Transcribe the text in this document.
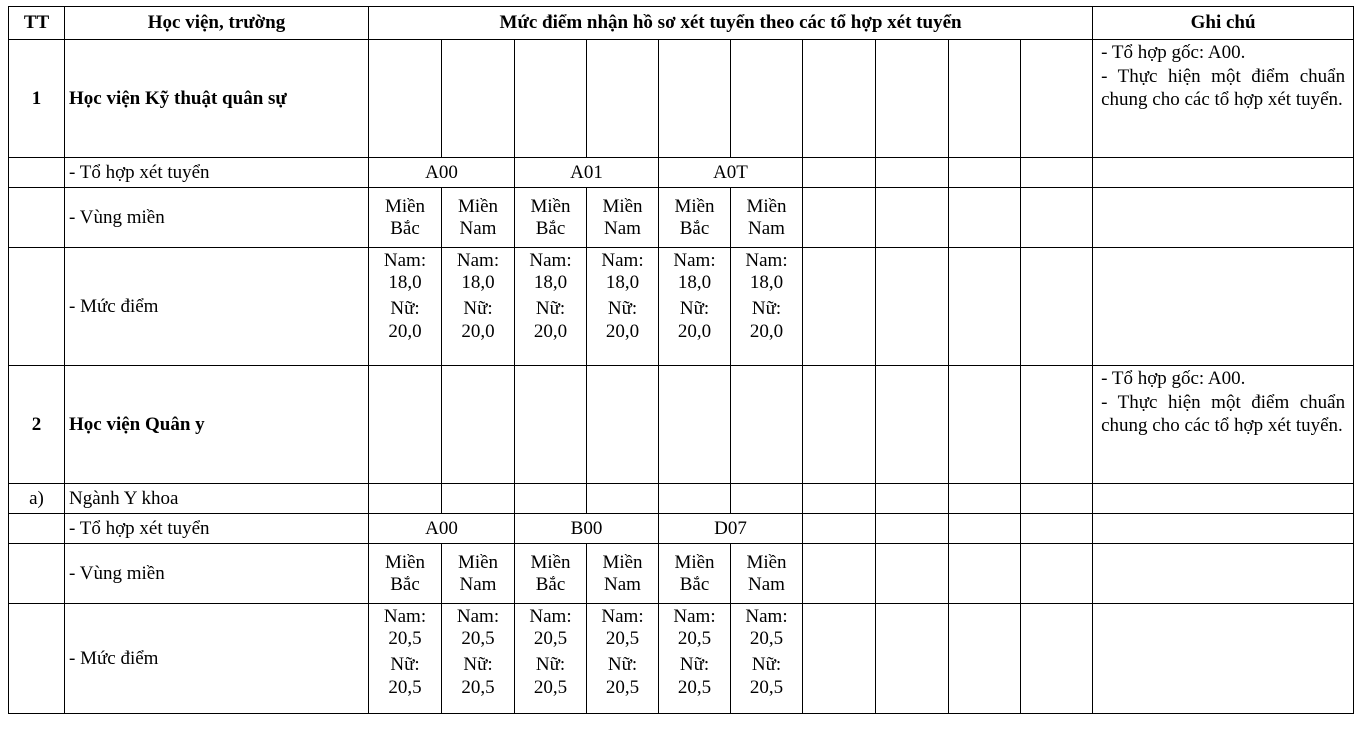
TT	Học viện, trường	Mức điểm nhận hồ sơ xét tuyển theo các tổ hợp xét tuyển										Ghi chú
1	Học viện Kỹ thuật quân sự											- Tổ hợp gốc: A00.
- Thực hiện một điểm chuẩn chung cho các tổ hợp xét tuyển.

	- Tổ hợp xét tuyển	A00		A01		A0T						
	- Vùng miền	Miền
Bắc	Miền
Nam	Miền
Bắc	Miền
Nam	Miền
Bắc	Miền
Nam					
	- Mức điểm	Nam:
18,0
Nữ:
20,0	Nam:
18,0
Nữ:
20,0	Nam:
18,0
Nữ:
20,0	Nam:
18,0
Nữ:
20,0	Nam:
18,0
Nữ:
20,0	Nam:
18,0
Nữ:
20,0					

2	Học viện Quân y											- Tổ hợp gốc: A00.
- Thực hiện một điểm chuẩn chung cho các tổ hợp xét tuyển.

a)	Ngành Y khoa											
	- Tổ hợp xét tuyển	A00		B00		D07						
	- Vùng miền	Miền
Bắc	Miền
Nam	Miền
Bắc	Miền
Nam	Miền
Bắc	Miền
Nam					
	- Mức điểm	Nam:
20,5
Nữ:
20,5	Nam:
20,5
Nữ:
20,5	Nam:
20,5
Nữ:
20,5	Nam:
20,5
Nữ:
20,5	Nam:
20,5
Nữ:
20,5	Nam:
20,5
Nữ:
20,5					
